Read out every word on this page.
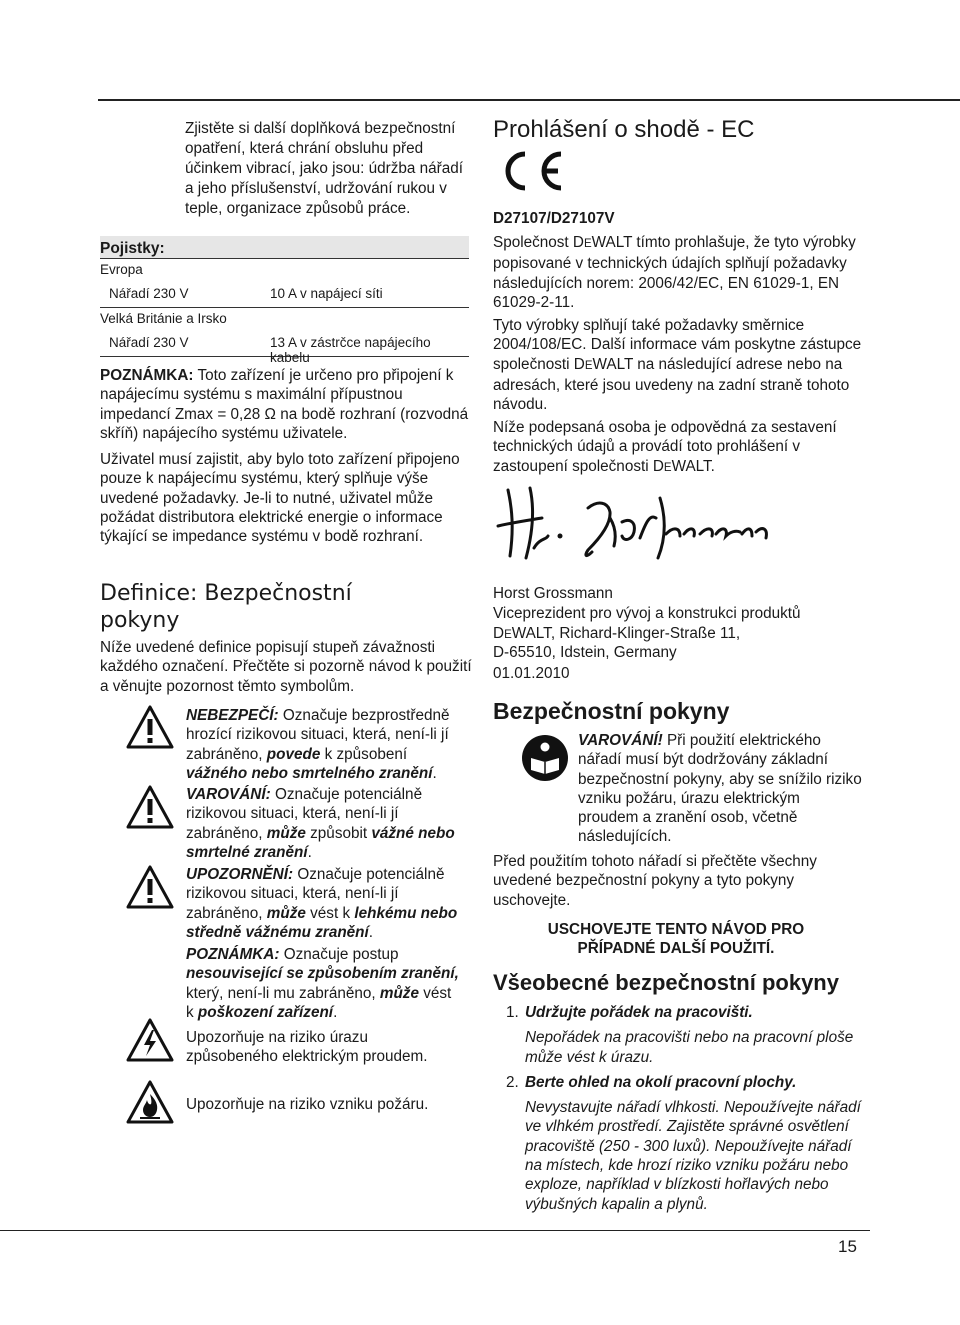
Zjistěte si další doplňková bezpečnostní opatření, která chrání obsluhu před účinkem vibrací, jako jsou: údržba nářadí a jeho příslušenství, udržování rukou v teple, organizace způsobů práce.
Pojistky:
Evropa
Nářadí 230 V	10 A v napájecí síti
Velká Británie a Irsko
Nářadí 230 V	13 A v zástrčce napájecího kabelu
POZNÁMKA: Toto zařízení je určeno pro připojení k napájecímu systému s maximální přípustnou impedancí Zmax = 0,28 Ω na bodě rozhraní (rozvodná skříň) napájecího systému uživatele.
Uživatel musí zajistit, aby bylo toto zařízení připojeno pouze k napájecímu systému, který splňuje výše uvedené požadavky. Je-li to nutné, uživatel může požádat distributora elektrické energie o informace týkající se impedance systému v bodě rozhraní.
Definice: Bezpečnostní pokyny
Níže uvedené definice popisují stupeň závažnosti každého označení. Přečtěte si pozorně návod k použití a věnujte pozornost těmto symbolům.
NEBEZPEČÍ: Označuje bezprostředně hrozící rizikovou situaci, která, není-li jí zabráněno, povede k způsobení vážného nebo smrtelného zranění.
VAROVÁNÍ: Označuje potenciálně rizikovou situaci, která, není-li jí zabráněno, může způsobit vážné nebo smrtelné zranění.
UPOZORNĚNÍ: Označuje potenciálně rizikovou situaci, která, není-li jí zabráněno, může vést k lehkému nebo středně vážnému zranění.
POZNÁMKA: Označuje postup nesouvisející se způsobením zranění, který, není-li mu zabráněno, může vést k poškození zařízení.
Upozorňuje na riziko úrazu způsobeného elektrickým proudem.
Upozorňuje na riziko vzniku požáru.
Prohlášení o shodě - EC
D27107/D27107V
Společnost DEWALT tímto prohlašuje, že tyto výrobky popisované v technických údajích splňují požadavky následujících norem: 2006/42/EC, EN 61029-1, EN 61029-2-11.
Tyto výrobky splňují také požadavky směrnice 2004/108/EC. Další informace vám poskytne zástupce společnosti DEWALT na následující adrese nebo na adresách, které jsou uvedeny na zadní straně tohoto návodu.
Níže podepsaná osoba je odpovědná za sestavení technických údajů a provádí toto prohlášení v zastoupení společnosti DEWALT.
Horst Grossmann
Viceprezident pro vývoj a konstrukci produktů
DEWALT, Richard-Klinger-Straße 11,
D-65510, Idstein, Germany
01.01.2010
Bezpečnostní pokyny
VAROVÁNÍ! Při použití elektrického nářadí musí být dodržovány základní bezpečnostní pokyny, aby se snížilo riziko vzniku požáru, úrazu elektrickým proudem a zranění osob, včetně následujících.
Před použitím tohoto nářadí si přečtěte všechny uvedené bezpečnostní pokyny a tyto pokyny uschovejte.
USCHOVEJTE TENTO NÁVOD PRO PŘÍPADNÉ DALŠÍ POUŽITÍ.
Všeobecné bezpečnostní pokyny
1. Udržujte pořádek na pracovišti.
Nepořádek na pracovišti nebo na pracovní ploše může vést k úrazu.
2. Berte ohled na okolí pracovní plochy.
Nevystavujte nářadí vlhkosti. Nepoužívejte nářadí ve vlhkém prostředí. Zajistěte správné osvětlení pracoviště (250 - 300 luxů). Nepoužívejte nářadí na místech, kde hrozí riziko vzniku požáru nebo exploze, například v blízkosti hořlavých nebo výbušných kapalin a plynů.
15
